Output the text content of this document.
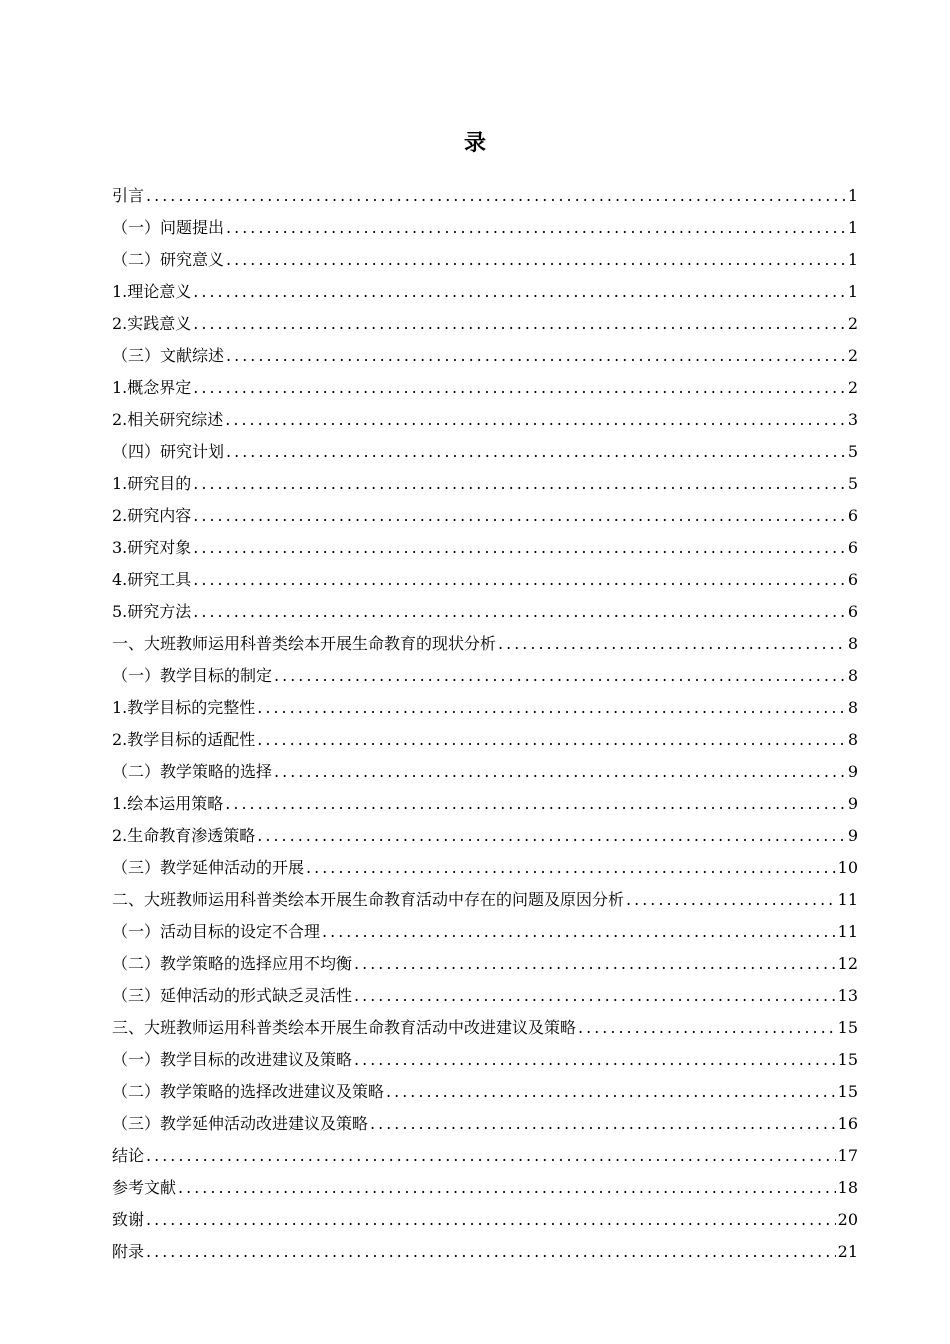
录
引言 .....	1
（一）问题提出 .....	1
（二）研究意义 .....	1
1.理论意义 .....	1
2.实践意义 .....	2
（三）文献综述 .....	2
1.概念界定 .....	2
2.相关研究综述 .....	3
（四）研究计划 .....	5
1.研究目的 .....	5
2.研究内容 .....	6
3.研究对象 .....	6
4.研究工具 .....	6
5.研究方法 .....	6
一、大班教师运用科普类绘本开展生命教育的现状分析 .....	8
（一）教学目标的制定 .....	8
1.教学目标的完整性 .....	8
2.教学目标的适配性 .....	8
（二）教学策略的选择 .....	9
1.绘本运用策略 .....	9
2.生命教育渗透策略 .....	9
（三）教学延伸活动的开展 .....	10
二、大班教师运用科普类绘本开展生命教育活动中存在的问题及原因分析 .....	11
（一）活动目标的设定不合理 .....	11
（二）教学策略的选择应用不均衡 .....	12
（三）延伸活动的形式缺乏灵活性 .....	13
三、大班教师运用科普类绘本开展生命教育活动中改进建议及策略 .....	15
（一）教学目标的改进建议及策略 .....	15
（二）教学策略的选择改进建议及策略 .....	15
（三）教学延伸活动改进建议及策略 .....	16
结论 .....	17
参考文献 .....	18
致谢 .....	20
附录 .....	21
